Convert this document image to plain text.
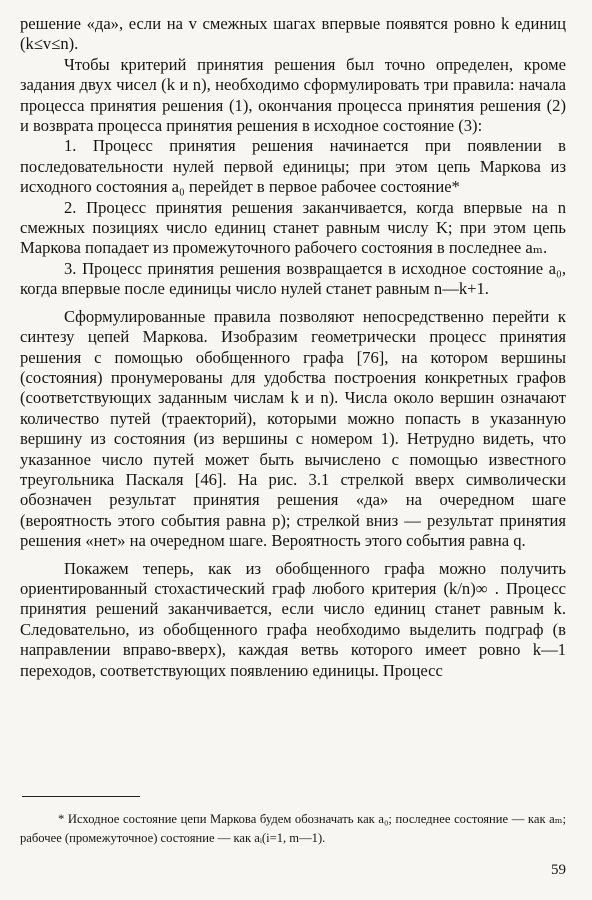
решение «да», если на v смежных шагах впервые появятся ровно k единиц (k≤v≤n).

Чтобы критерий принятия решения был точно определен, кроме задания двух чисел (k и n), необходимо сформулировать три правила: начала процесса принятия решения (1), окончания процесса принятия решения (2) и возврата процесса принятия решения в исходное состояние (3):

1. Процесс принятия решения начинается при появлении в последовательности нулей первой единицы; при этом цепь Маркова из исходного состояния a₀ перейдет в первое рабочее состояние*

2. Процесс принятия решения заканчивается, когда впервые на n смежных позициях число единиц станет равным числу K; при этом цепь Маркова попадает из промежуточного рабочего состояния в последнее aₘ.

3. Процесс принятия решения возвращается в исходное состояние a₀, когда впервые после единицы число нулей станет равным n—k+1.

Сформулированные правила позволяют непосредственно перейти к синтезу цепей Маркова. Изобразим геометрически процесс принятия решения с помощью обобщенного графа [76], на котором вершины (состояния) пронумерованы для удобства построения конкретных графов (соответствующих заданным числам k и n). Числа около вершин означают количество путей (траекторий), которыми можно попасть в указанную вершину из состояния (из вершины с номером 1). Нетрудно видеть, что указанное число путей может быть вычислено с помощью известного треугольника Паскаля [46]. На рис. 3.1 стрелкой вверх символически обозначен результат принятия решения «да» на очередном шаге (вероятность этого события равна p); стрелкой вниз — результат принятия решения «нет» на очередном шаге. Вероятность этого события равна q.

Покажем теперь, как из обобщенного графа можно получить ориентированный стохастический граф любого критерия (k/n)∞ . Процесс принятия решений заканчивается, если число единиц станет равным k. Следовательно, из обобщенного графа необходимо выделить подграф (в направлении вправо-вверх), каждая ветвь которого имеет ровно k—1 переходов, соответствующих появлению единицы. Процесс

* Исходное состояние цепи Маркова будем обозначать как a₀; последнее состояние — как aₘ; рабочее (промежуточное) состояние — как aᵢ(i=1, m—1).

59
